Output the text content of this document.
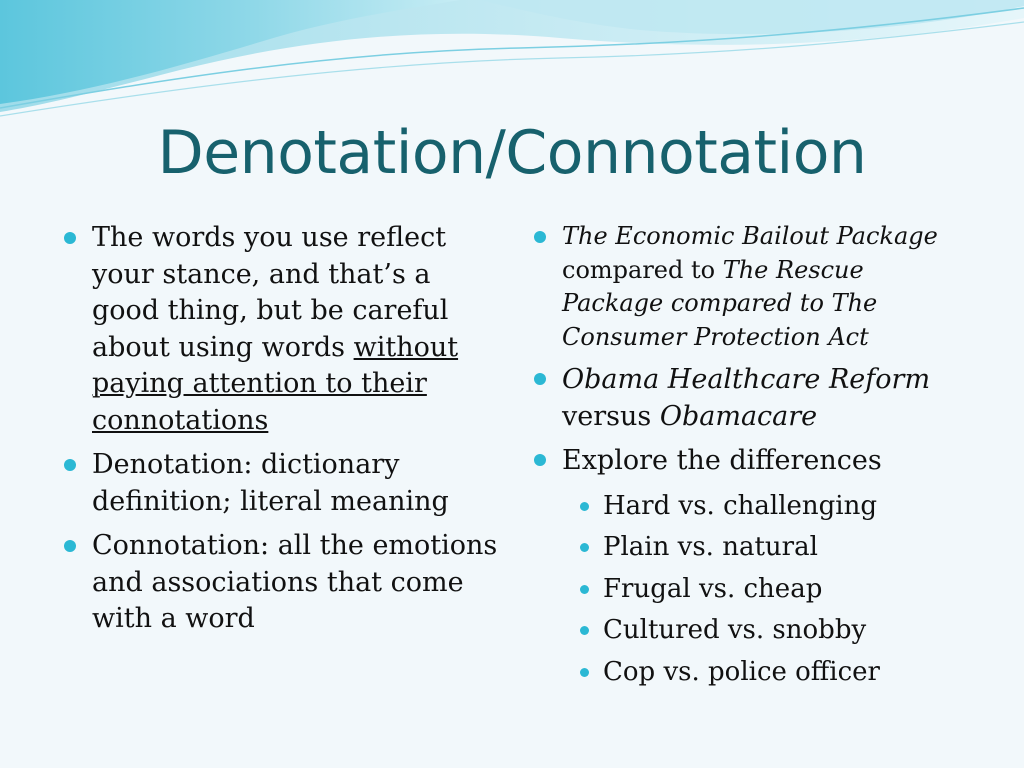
Denotation/Connotation
The words you use reflect your stance, and that’s a good thing, but be careful about using words without paying attention to their connotations
Denotation: dictionary definition; literal meaning
Connotation: all the emotions and associations that come with a word
The Economic Bailout Package compared to The Rescue Package compared to The Consumer Protection Act
Obama Healthcare Reform versus Obamacare
Explore the differences
Hard vs. challenging
Plain vs. natural
Frugal vs. cheap
Cultured vs. snobby
Cop vs. police officer
